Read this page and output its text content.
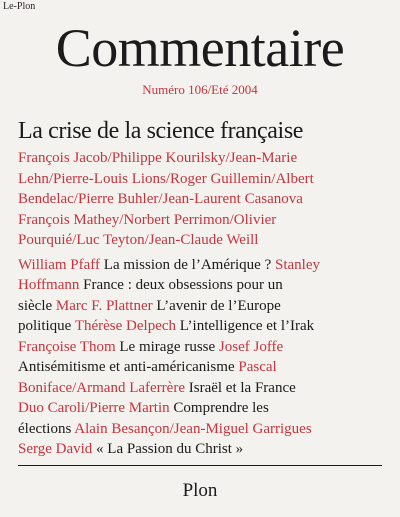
Le-Plon
Commentaire
Numéro 106/Eté 2004
La crise de la science française
François Jacob/Philippe Kourilsky/Jean-Marie
Lehn/Pierre-Louis Lions/Roger Guillemin/Albert
Bendelac/Pierre Buhler/Jean-Laurent Casanova
François Mathey/Norbert Perrimon/Olivier
Pourquié/Luc Teyton/Jean-Claude Weill
William Pfaff La mission de l’Amérique ? Stanley
Hoffmann France : deux obsessions pour un
siècle Marc F. Plattner L’avenir de l’Europe
politique Thérèse Delpech L’intelligence et l’Irak
Françoise Thom Le mirage russe Josef Joffe
Antisémitisme et anti-américanisme Pascal
Boniface/Armand Laferrère Israël et la France
Duo Caroli/Pierre Martin Comprendre les
élections Alain Besançon/Jean-Miguel Garrigues
Serge David « La Passion du Christ »
Plon
